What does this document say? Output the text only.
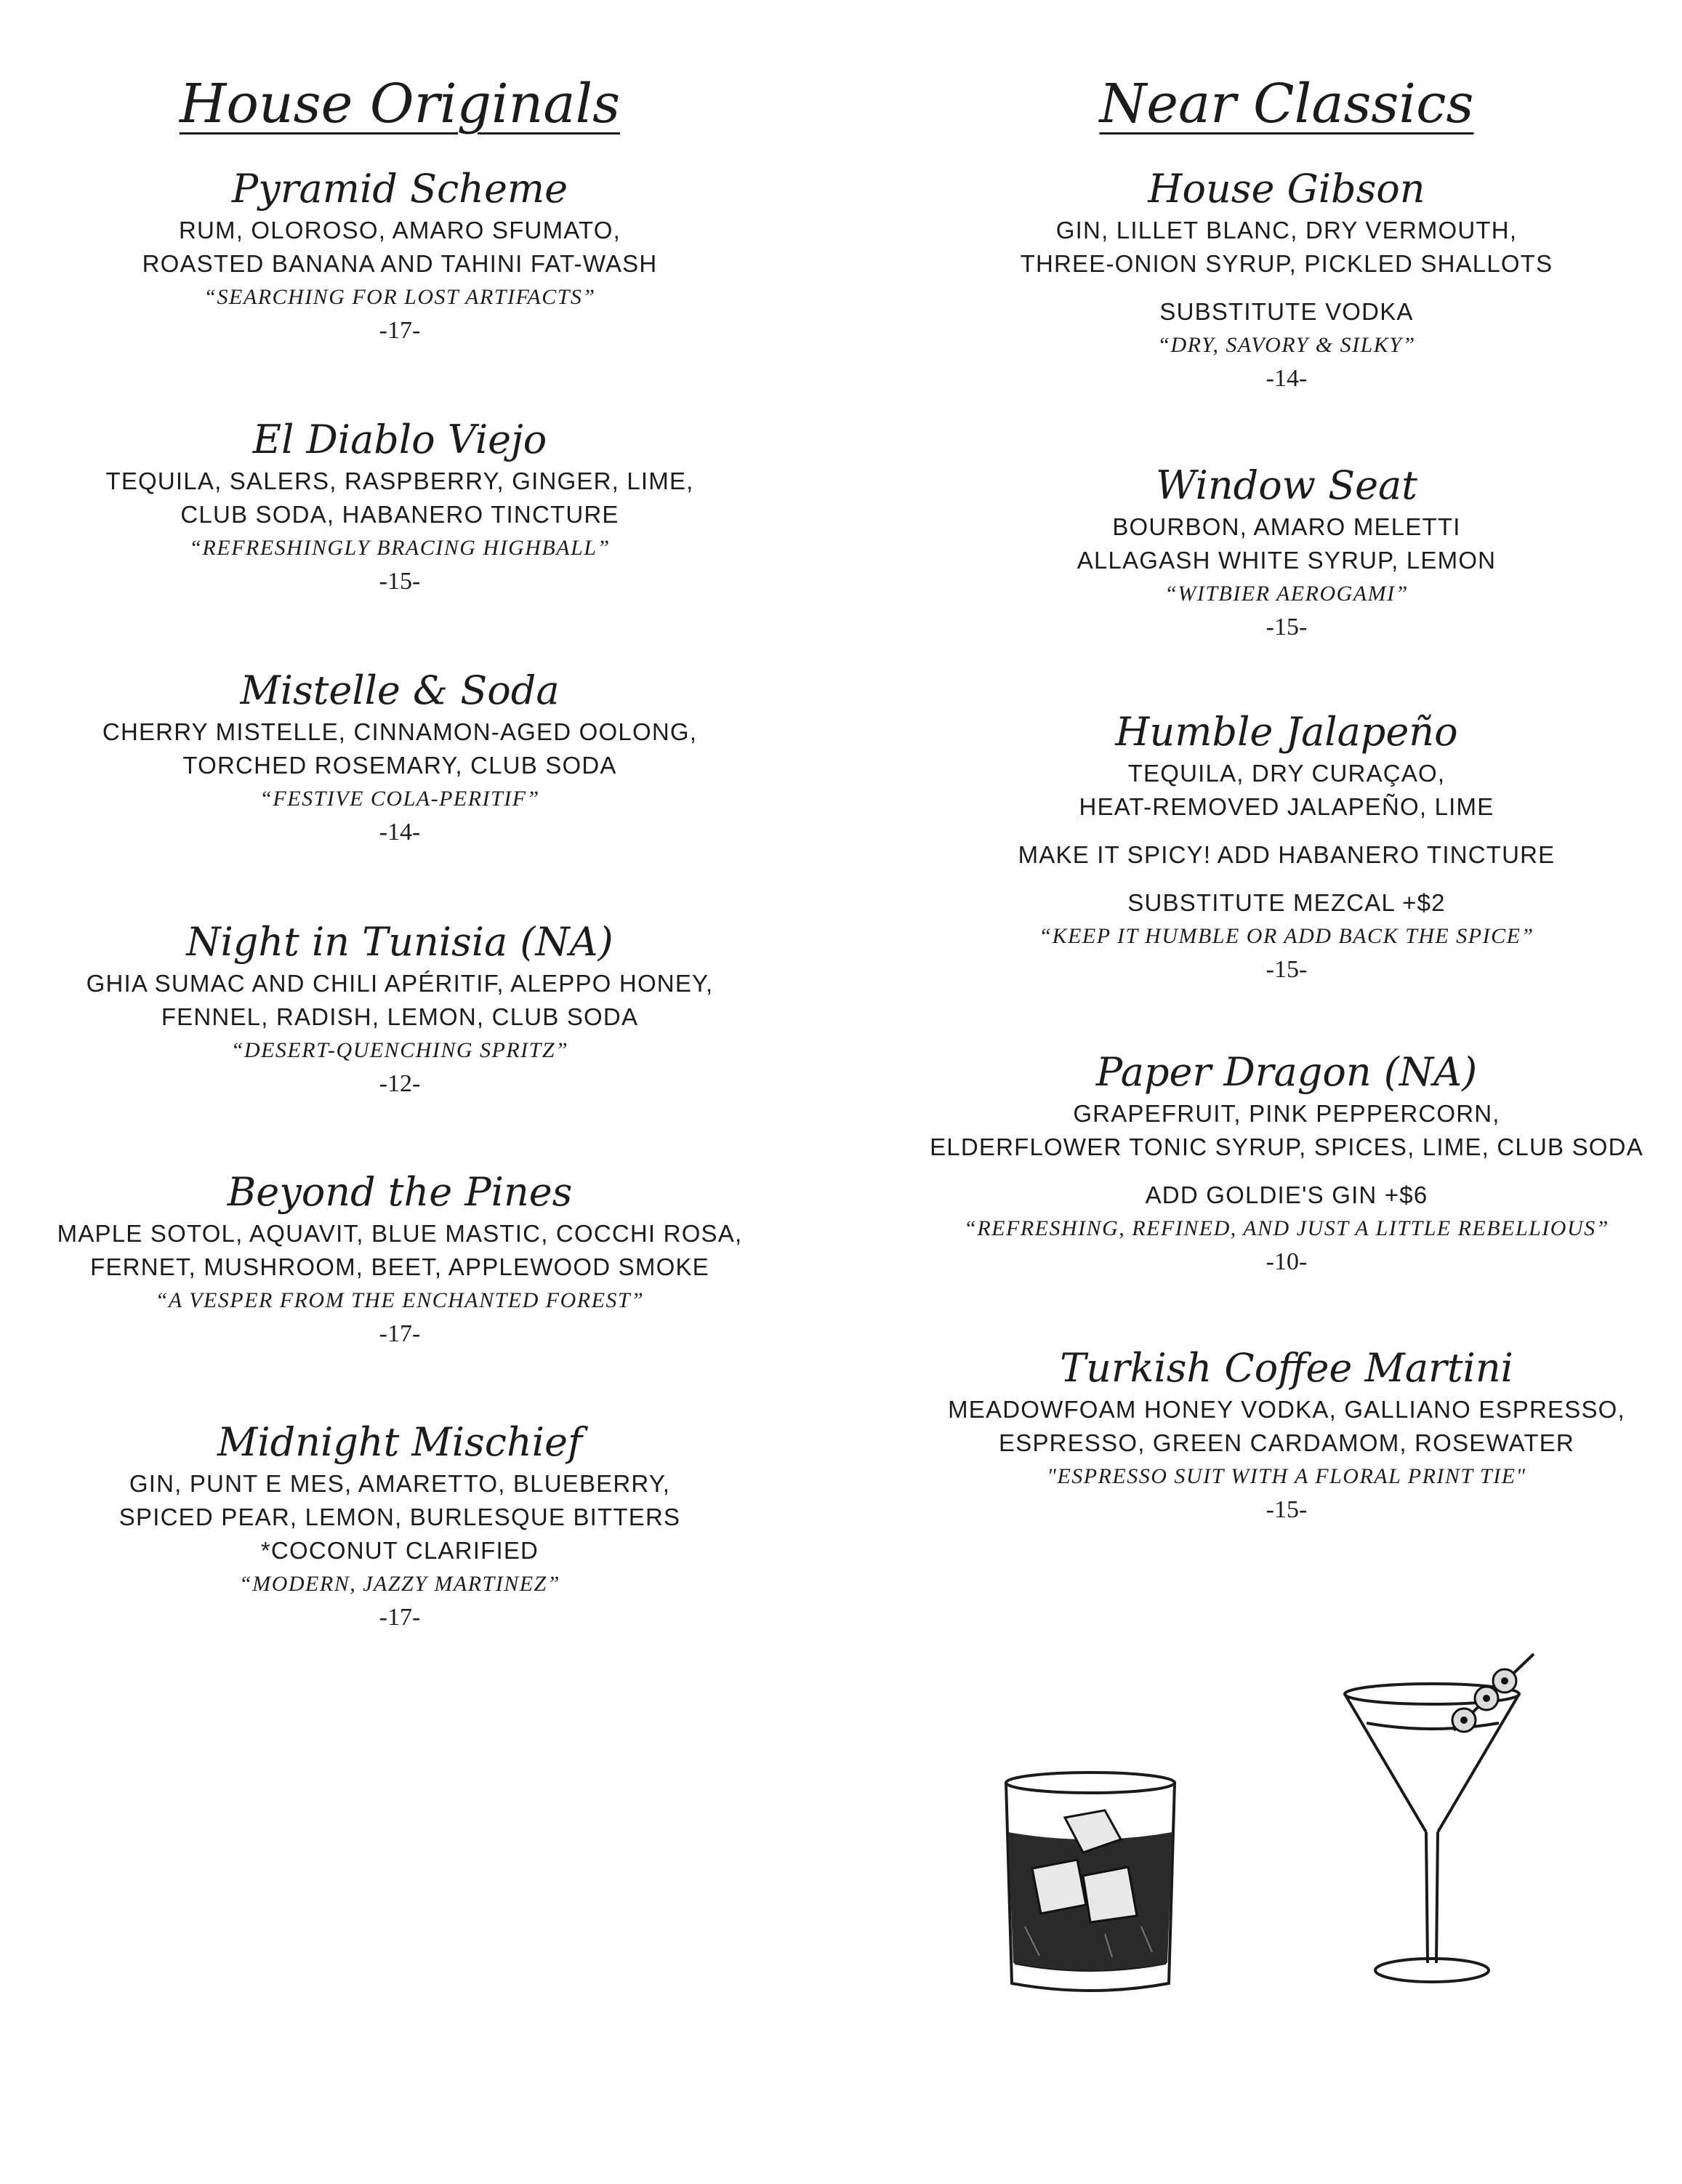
House Originals	Near Classics
Pyramid Scheme
RUM, OLOROSO, AMARO SFUMATO,
ROASTED BANANA AND TAHINI FAT-WASH
“SEARCHING FOR LOST ARTIFACTS”
-17-
El Diablo Viejo
TEQUILA, SALERS, RASPBERRY, GINGER, LIME,
CLUB SODA, HABANERO TINCTURE
“REFRESHINGLY BRACING HIGHBALL”
-15-
Mistelle & Soda
CHERRY MISTELLE, CINNAMON-AGED OOLONG,
TORCHED ROSEMARY, CLUB SODA
“FESTIVE COLA-PERITIF”
-14-
Night in Tunisia (NA)
GHIA SUMAC AND CHILI APÉRITIF, ALEPPO HONEY,
FENNEL, RADISH, LEMON, CLUB SODA
“DESERT-QUENCHING SPRITZ”
-12-
Beyond the Pines
MAPLE SOTOL, AQUAVIT, BLUE MASTIC, COCCHI ROSA,
FERNET, MUSHROOM, BEET, APPLEWOOD SMOKE
“A VESPER FROM THE ENCHANTED FOREST”
-17-
Midnight Mischief
GIN, PUNT E MES, AMARETTO, BLUEBERRY,
SPICED PEAR, LEMON, BURLESQUE BITTERS
*COCONUT CLARIFIED
“MODERN, JAZZY MARTINEZ”
-17-
House Gibson
GIN, LILLET BLANC, DRY VERMOUTH,
THREE-ONION SYRUP, PICKLED SHALLOTS
SUBSTITUTE VODKA
“DRY, SAVORY & SILKY”
-14-
Window Seat
BOURBON, AMARO MELETTI
ALLAGASH WHITE SYRUP, LEMON
“WITBIER AEROGAMI”
-15-
Humble Jalapeño
TEQUILA, DRY CURAÇAO,
HEAT-REMOVED JALAPEÑO, LIME
MAKE IT SPICY! ADD HABANERO TINCTURE
SUBSTITUTE MEZCAL +$2
“KEEP IT HUMBLE OR ADD BACK THE SPICE”
-15-
Paper Dragon (NA)
GRAPEFRUIT, PINK PEPPERCORN,
ELDERFLOWER TONIC SYRUP, SPICES, LIME, CLUB SODA
ADD GOLDIE'S GIN +$6
“REFRESHING, REFINED, AND JUST A LITTLE REBELLIOUS”
-10-
Turkish Coffee Martini
MEADOWFOAM HONEY VODKA, GALLIANO ESPRESSO,
ESPRESSO, GREEN CARDAMOM, ROSEWATER
"ESPRESSO SUIT WITH A FLORAL PRINT TIE"
-15-
